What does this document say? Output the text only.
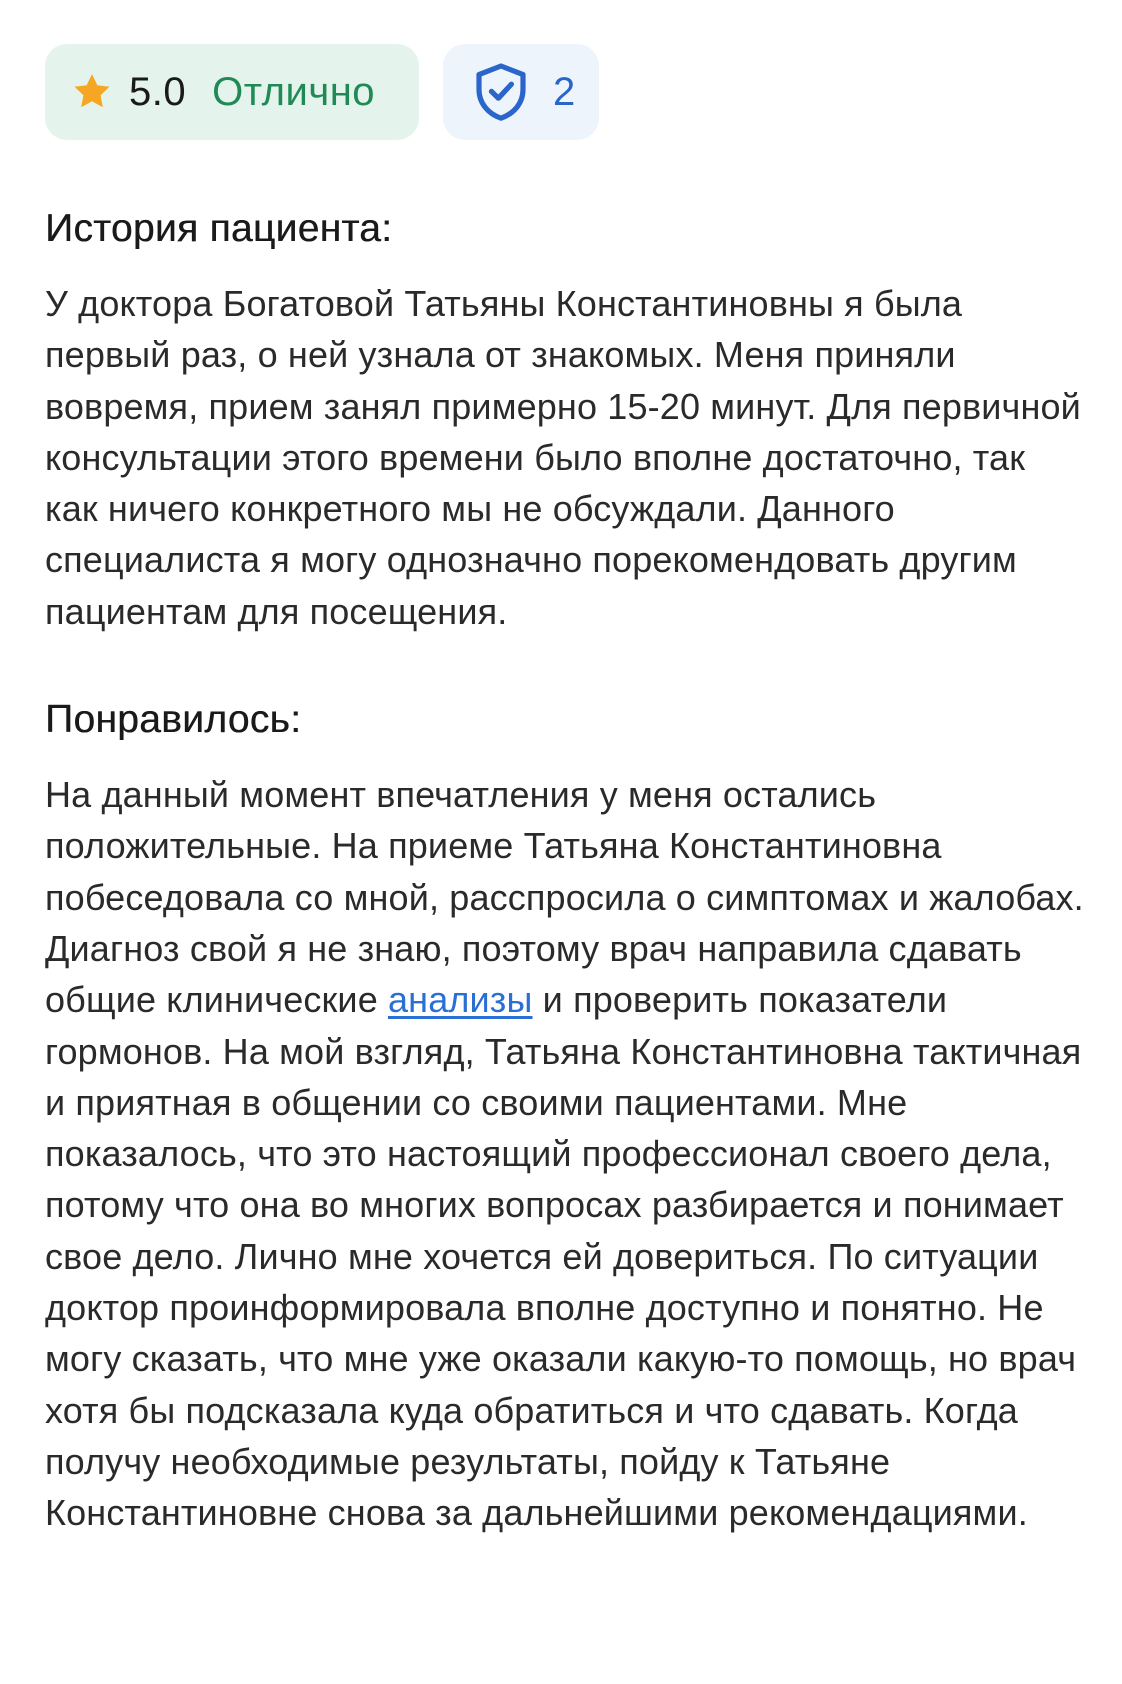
5.0 Отлично	2
История пациента:

У доктора Богатовой Татьяны Константиновны я была первый раз, о ней узнала от знакомых. Меня приняли вовремя, прием занял примерно 15-20 минут. Для первичной консультации этого времени было вполне достаточно, так как ничего конкретного мы не обсуждали. Данного специалиста я могу однозначно порекомендовать другим пациентам для посещения.

Понравилось:

На данный момент впечатления у меня остались положительные. На приеме Татьяна Константиновна побеседовала со мной, расспросила о симптомах и жалобах. Диагноз свой я не знаю, поэтому врач направила сдавать общие клинические анализы и проверить показатели гормонов. На мой взгляд, Татьяна Константиновна тактичная и приятная в общении со своими пациентами. Мне показалось, что это настоящий профессионал своего дела, потому что она во многих вопросах разбирается и понимает свое дело. Лично мне хочется ей довериться. По ситуации доктор проинформировала вполне доступно и понятно. Не могу сказать, что мне уже оказали какую-то помощь, но врач хотя бы подсказала куда обратиться и что сдавать. Когда получу необходимые результаты, пойду к Татьяне Константиновне снова за дальнейшими рекомендациями.
